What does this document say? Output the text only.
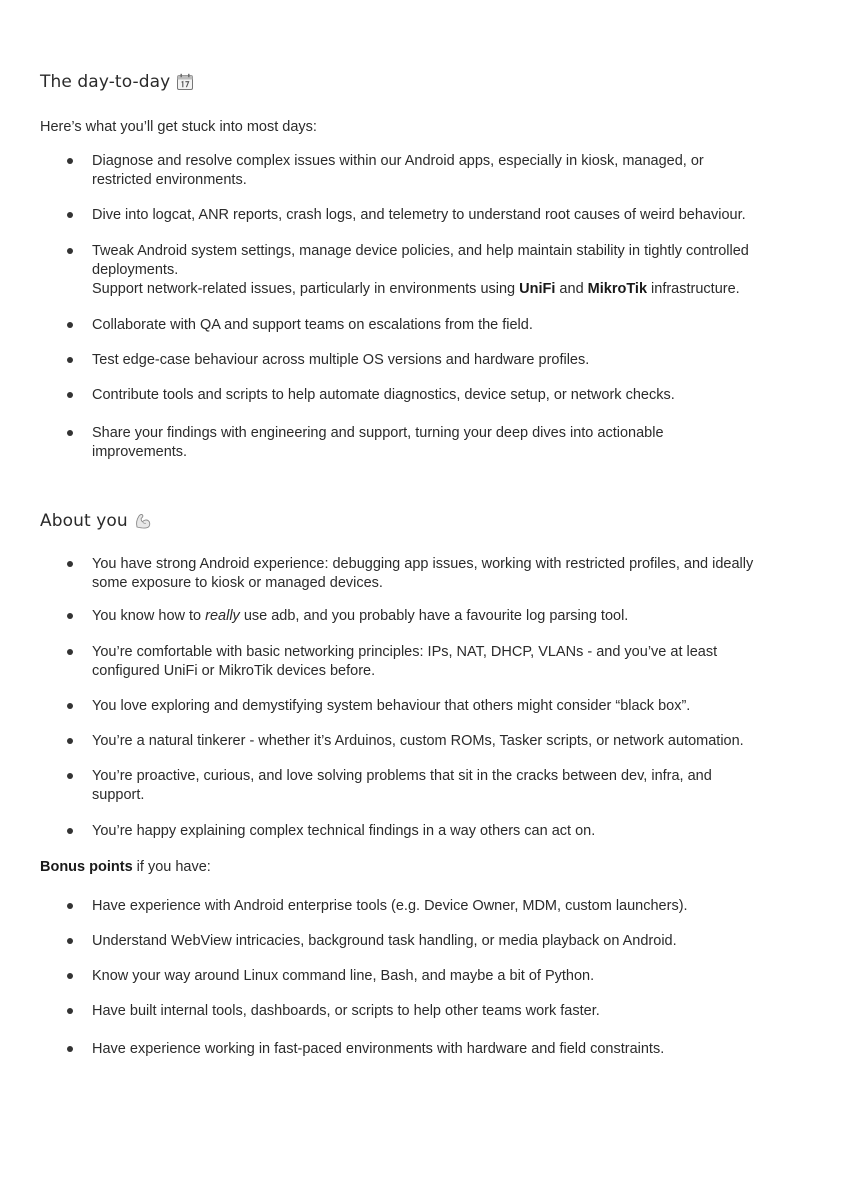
The day-to-day

Here’s what you’ll get stuck into most days:

Diagnose and resolve complex issues within our Android apps, especially in kiosk, managed, or
restricted environments.
Dive into logcat, ANR reports, crash logs, and telemetry to understand root causes of weird behaviour.
Tweak Android system settings, manage device policies, and help maintain stability in tightly controlled
deployments.
Support network-related issues, particularly in environments using UniFi and MikroTik infrastructure.
Collaborate with QA and support teams on escalations from the field.
Test edge-case behaviour across multiple OS versions and hardware profiles.
Contribute tools and scripts to help automate diagnostics, device setup, or network checks.
Share your findings with engineering and support, turning your deep dives into actionable
improvements.
About you
You have strong Android experience: debugging app issues, working with restricted profiles, and ideally
some exposure to kiosk or managed devices.
You know how to really use adb, and you probably have a favourite log parsing tool.
You’re comfortable with basic networking principles: IPs, NAT, DHCP, VLANs - and you’ve at least
configured UniFi or MikroTik devices before.
You love exploring and demystifying system behaviour that others might consider “black box”.
You’re a natural tinkerer - whether it’s Arduinos, custom ROMs, Tasker scripts, or network automation.
You’re proactive, curious, and love solving problems that sit in the cracks between dev, infra, and
support.
You’re happy explaining complex technical findings in a way others can act on.

Bonus points if you have:

Have experience with Android enterprise tools (e.g. Device Owner, MDM, custom launchers).
Understand WebView intricacies, background task handling, or media playback on Android.
Know your way around Linux command line, Bash, and maybe a bit of Python.
Have built internal tools, dashboards, or scripts to help other teams work faster.
Have experience working in fast-paced environments with hardware and field constraints.
